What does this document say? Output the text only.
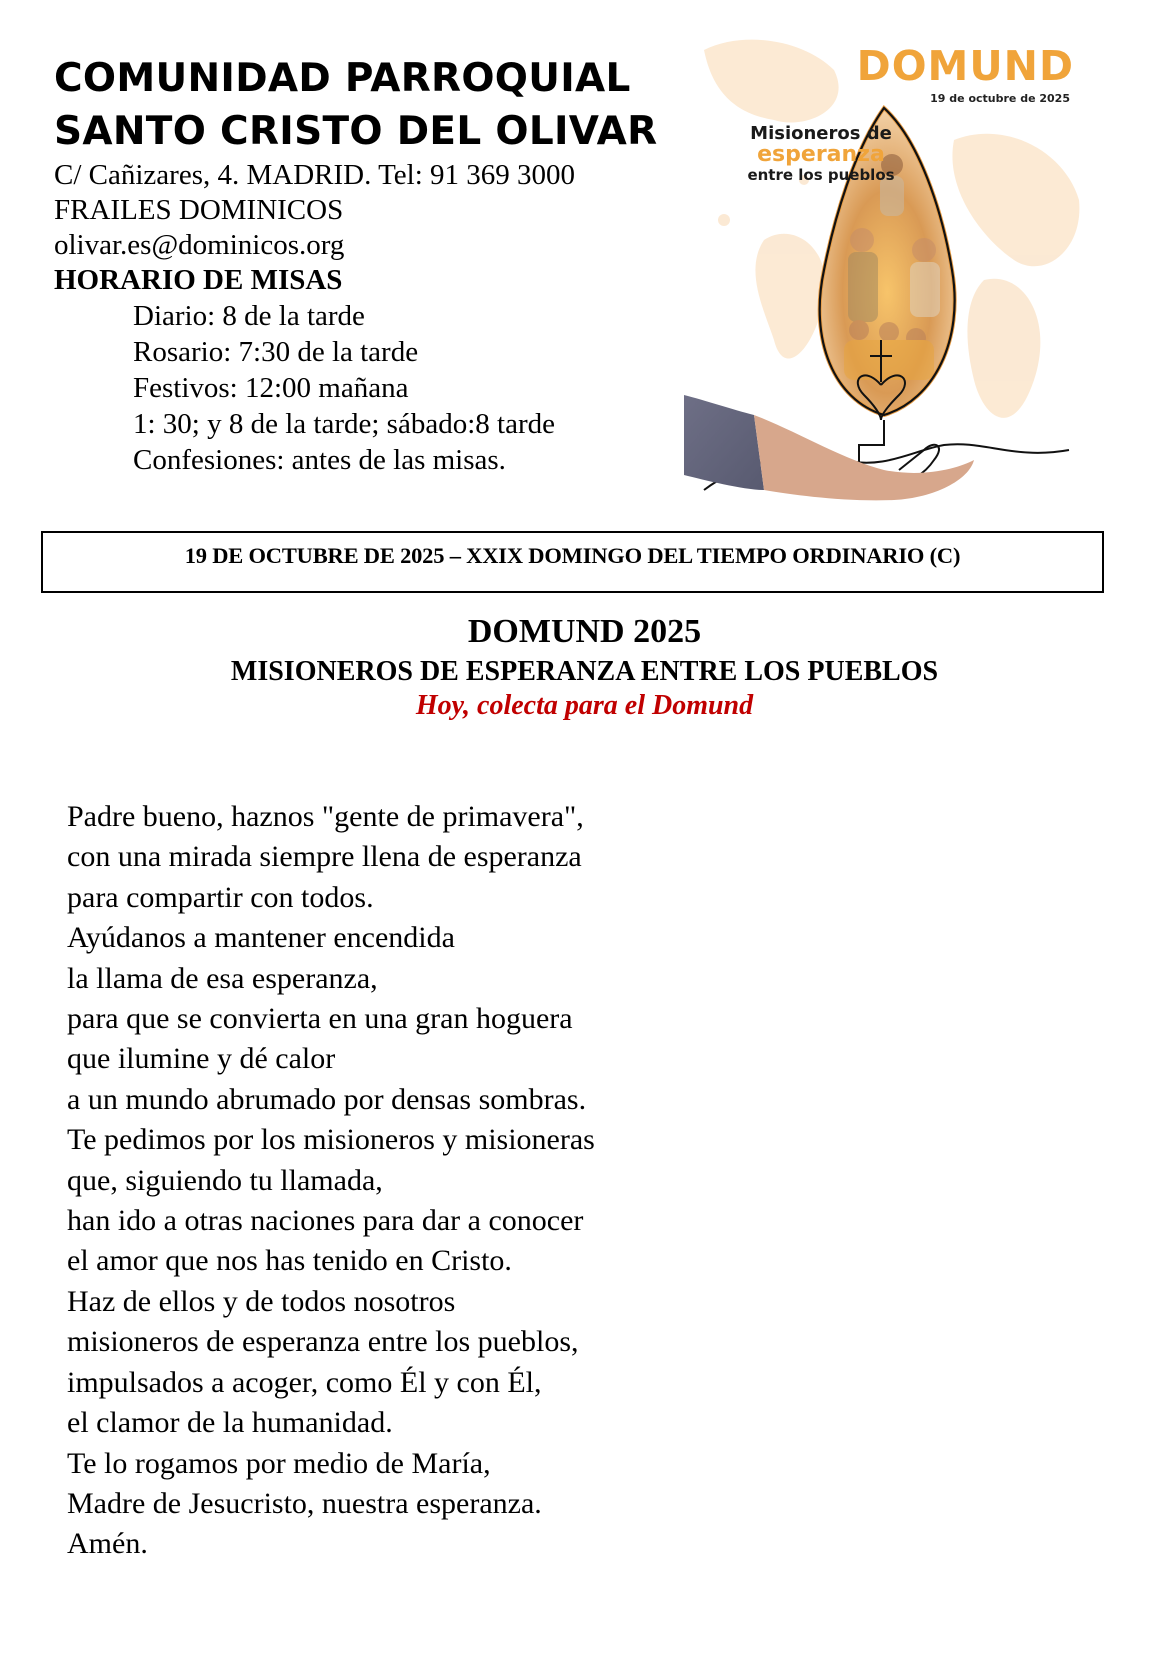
COMUNIDAD PARROQUIAL
SANTO CRISTO DEL OLIVAR

C/ Cañizares, 4. MADRID. Tel: 91 369 3000

FRAILES DOMINICOS

olivar.es@dominicos.org

HORARIO DE MISAS

Diario: 8 de la tarde
Rosario: 7:30 de la tarde
Festivos: 12:00 mañana
1: 30; y 8 de la tarde; sábado:8 tarde
Confesiones: antes de las misas.
DOMUND
19 de octubre de 2025
Misioneros de
esperanza
entre los pueblos
19 DE OCTUBRE DE 2025 – XXIX DOMINGO DEL TIEMPO ORDINARIO (C)
DOMUND 2025
MISIONEROS DE ESPERANZA ENTRE LOS PUEBLOS
Hoy, colecta para el Domund
Padre bueno, haznos "gente de primavera",
con una mirada siempre llena de esperanza
para compartir con todos.
Ayúdanos a mantener encendida
la llama de esa esperanza,
para que se convierta en una gran hoguera
que ilumine y dé calor
a un mundo abrumado por densas sombras.
Te pedimos por los misioneros y misioneras
que, siguiendo tu llamada,
han ido a otras naciones para dar a conocer
el amor que nos has tenido en Cristo.
Haz de ellos y de todos nosotros
misioneros de esperanza entre los pueblos,
impulsados a acoger, como Él y con Él,
el clamor de la humanidad.
Te lo rogamos por medio de María,
Madre de Jesucristo, nuestra esperanza.
Amén.
